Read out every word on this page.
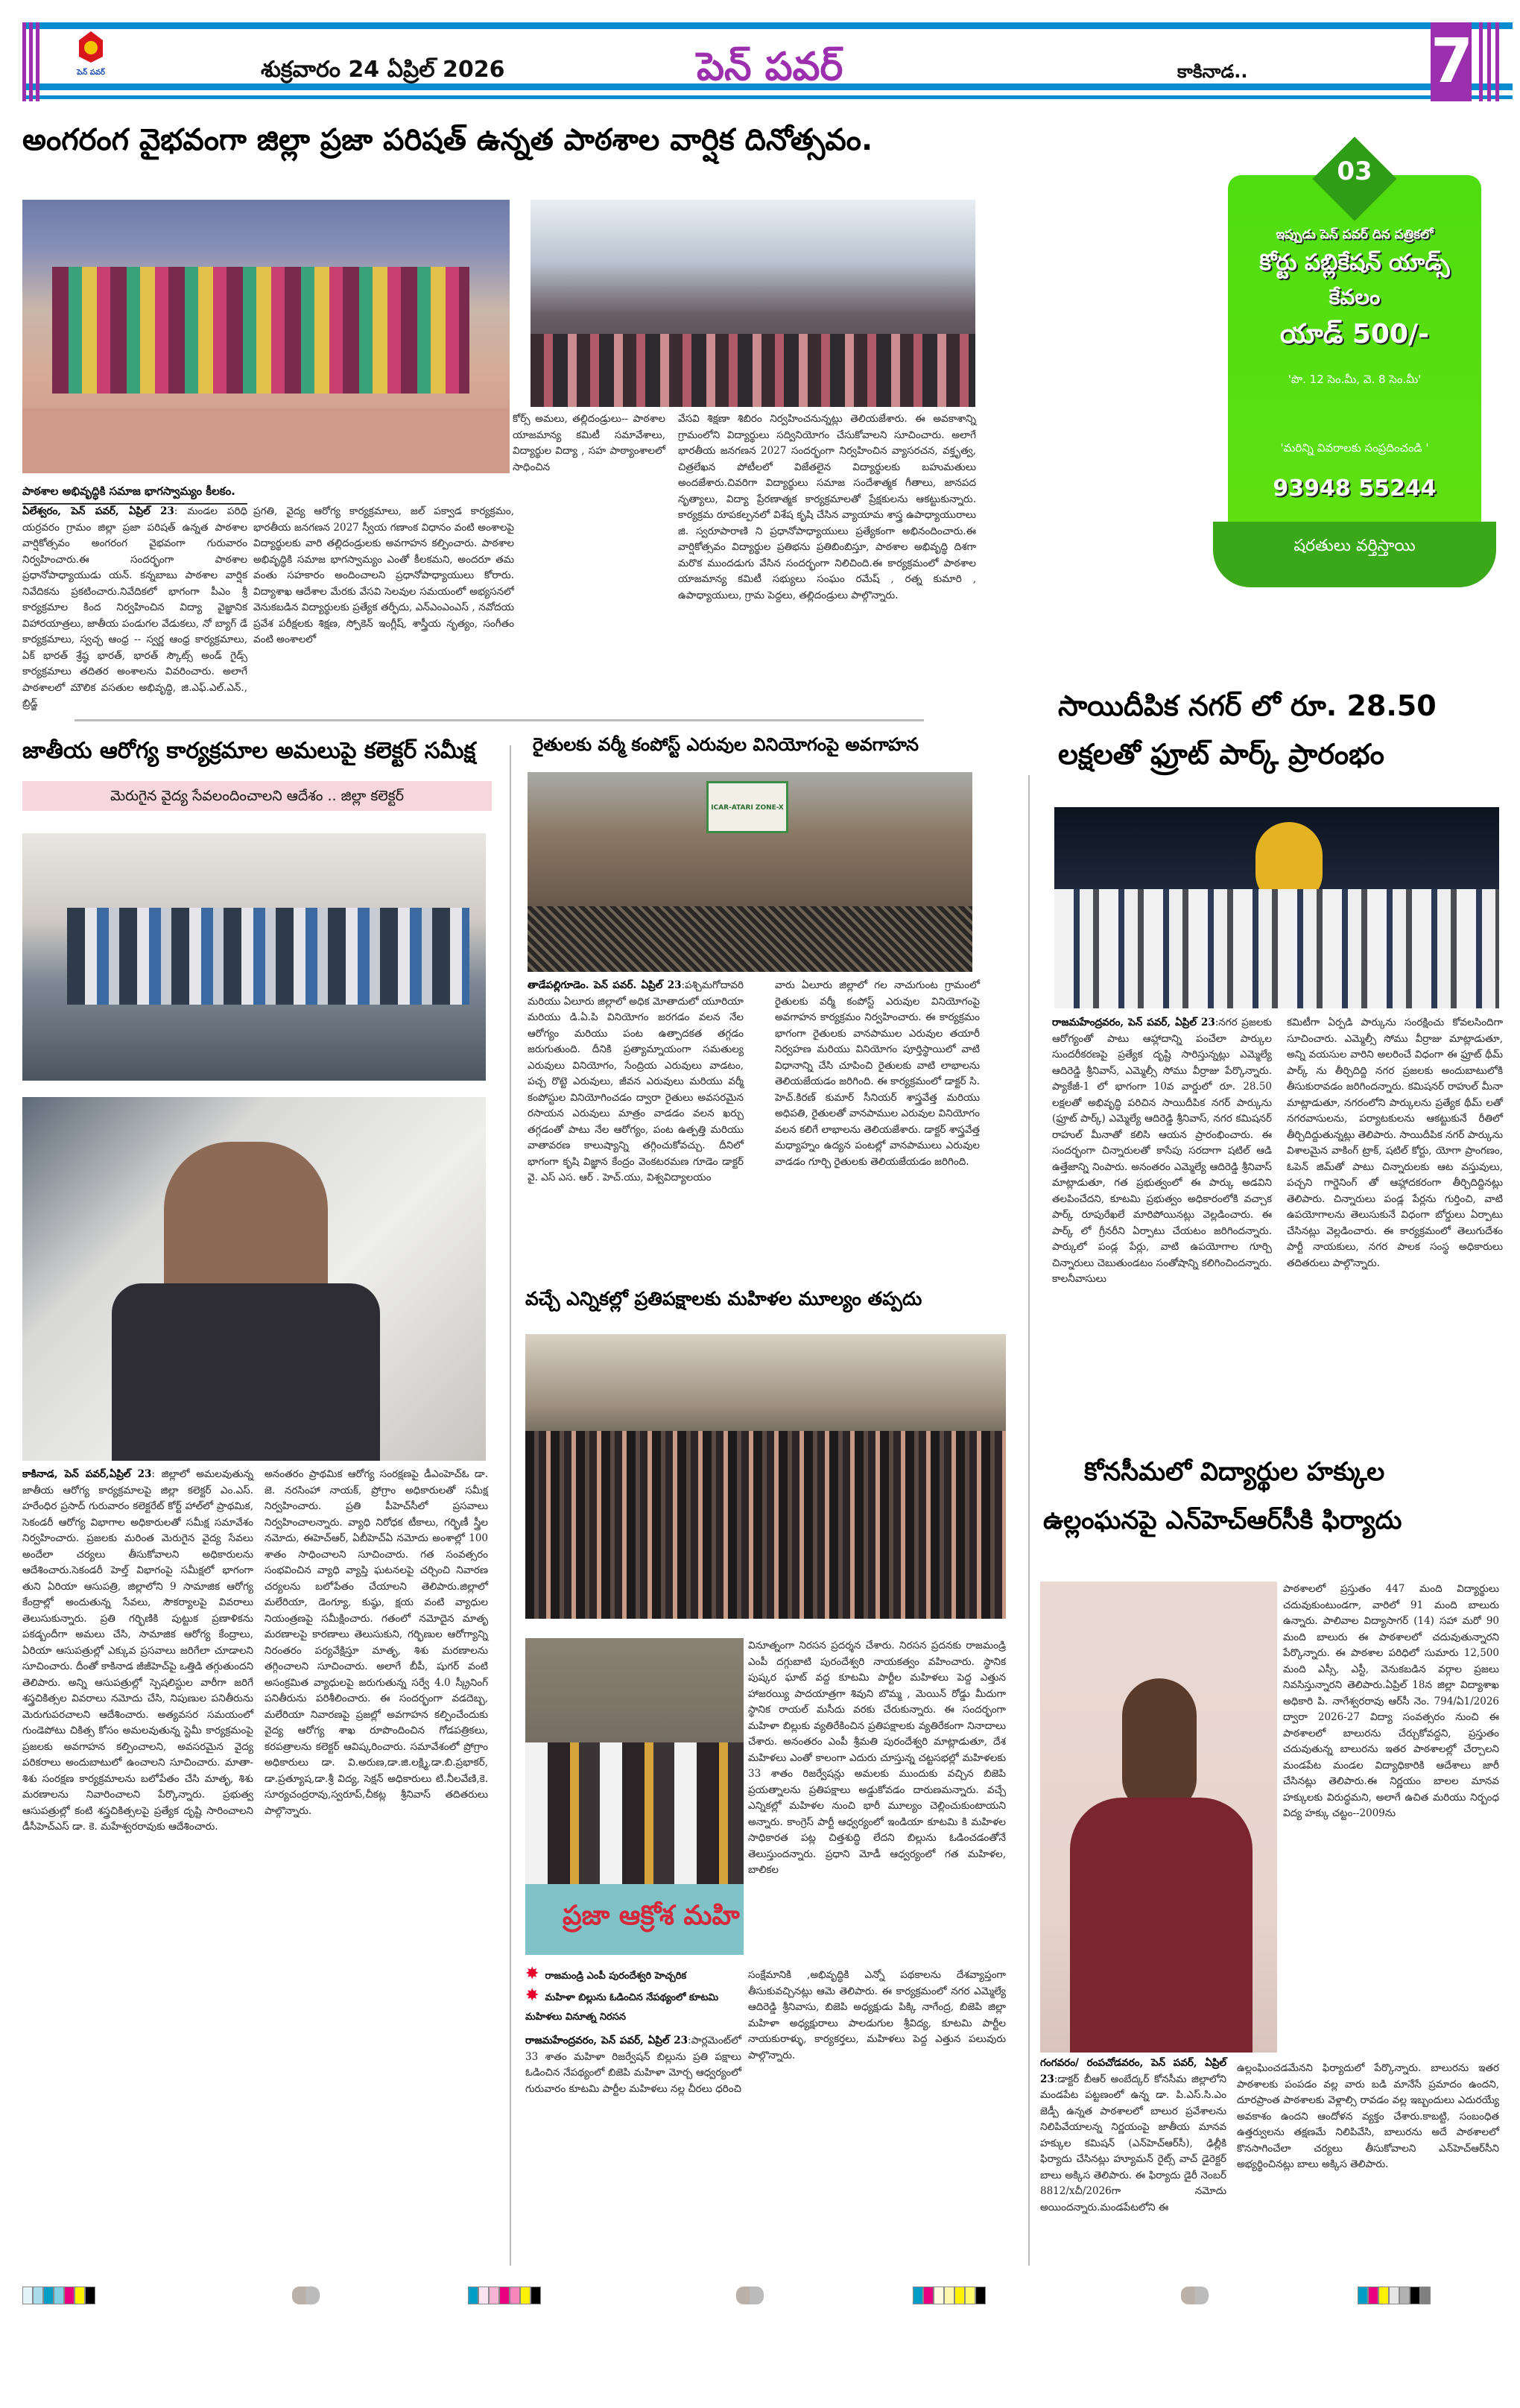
పెన్ పవర్	శుక్రవారం 24 ఏప్రిల్ 2026	పెన్ పవర్	కాకినాడ..	7
అంగరంగ వైభవంగా జిల్లా ప్రజా పరిషత్ ఉన్నత పాఠశాల వార్షిక దినోత్సవం.
పాఠశాల అభివృద్ధికి సమాజ భాగస్వామ్యం కీలకం.
ఏలేశ్వరం, పెన్ పవర్, ఏప్రిల్ 23: మండల పరిధి యర్రవరం గ్రామం జిల్లా ప్రజా పరిషత్ ఉన్నత పాఠశాల వార్షికోత్సవం అంగరంగ వైభవంగా గురువారం నిర్వహించారు.ఈ సందర్భంగా పాఠశాల ప్రధానోపాధ్యాయుడు యన్. కన్నబాబు పాఠశాల వార్షిక నివేదికను ప్రకటించారు.నివేదికలో భాగంగా పీఎం శ్రీ కార్యక్రమాల కింద నిర్వహించిన విద్యా వైజ్ఞానిక విహారయాత్రలు, జాతీయ పండుగల వేడుకలు, నో బ్యాగ్ డే కార్యక్రమాలు, స్వచ్ఛ ఆంధ్ర -- స్వర్ణ ఆంధ్ర కార్యక్రమాలు, ఏక్ భారత్ శ్రేష్ఠ భారత్, భారత్ స్కౌట్స్ అండ్ గైడ్స్ కార్యక్రమాలు తదితర అంశాలను వివరించారు. అలాగే పాఠశాలలో మౌలిక వసతుల అభివృద్ధి, జి.ఎఫ్.ఎల్.ఎన్., బ్రిడ్జ్
కోర్స్ అమలు, తల్లిదండ్రులు-- పాఠశాల యాజమాన్య కమిటీ సమావేశాలు, విద్యార్థుల విద్యా , సహ పాఠ్యాంశాలలో సాధించిన
ప్రగతి, వైద్య ఆరోగ్య కార్యక్రమాలు, జల్ పక్వాడ కార్యక్రమం, భారతీయ జనగణన 2027 స్వీయ గణాంక విధానం వంటి అంశాలపై విద్యార్థులకు వారి తల్లిదండ్రులకు అవగాహన కల్పించారు. పాఠశాల అభివృద్ధికి సమాజ భాగస్వామ్యం ఎంతో కీలకమని, అందరూ తమ వంతు సహకారం అందించాలని ప్రధానోపాధ్యాయులు కోరారు. విద్యాశాఖ ఆదేశాల మేరకు వేసవి సెలవుల సమయంలో అభ్యసనలో వెనుకబడిన విద్యార్థులకు ప్రత్యేక తర్ఫీదు, ఎన్ఎంఎంఎస్ , నవోదయ ప్రవేశ పరీక్షలకు శిక్షణ, స్పోకెన్ ఇంగ్లీష్, శాస్త్రీయ నృత్యం, సంగీతం వంటి అంశాలలో
వేసవి శిక్షణా శిబిరం నిర్వహించనున్నట్లు తెలియజేశారు. ఈ అవకాశాన్ని గ్రామంలోని విద్యార్థులు సద్వినియోగం చేసుకోవాలని సూచించారు. అలాగే భారతీయ జనగణన 2027 సందర్భంగా నిర్వహించిన వ్యాసరచన, వక్తృత్వ, చిత్రలేఖన పోటీలలో విజేతలైన విద్యార్థులకు బహుమతులు అందజేశారు.చివరిగా విద్యార్థులు సమాజ సందేశాత్మక గీతాలు, జానపద నృత్యాలు, విద్యా ప్రేరణాత్మక కార్యక్రమాలతో ప్రేక్షకులను ఆకట్టుకున్నారు. కార్యక్రమ రూపకల్పనలో విశేష కృషి చేసిన వ్యాయామ శాస్త్ర ఉపాధ్యాయురాలు జి. స్వరూపారాణి ని ప్రధానోపాధ్యాయులు ప్రత్యేకంగా అభినందించారు.ఈ వార్షికోత్సవం విద్యార్థుల ప్రతిభను ప్రతిబింబిస్తూ, పాఠశాల అభివృద్ధి దిశగా మరొక ముందడుగు వేసిన సందర్భంగా నిలిచింది.ఈ కార్యక్రమంలో పాఠశాల యాజమాన్య కమిటీ సభ్యులు సంఘం రమేష్ , రత్న కుమారి , ఉపాధ్యాయులు, గ్రామ పెద్దలు, తల్లిదండ్రులు పాల్గొన్నారు.
03
ఇప్పుడు పెన్ పవర్ దిన పత్రికలో
కోర్టు పబ్లికేషన్ యాడ్స్
కేవలం
యాడ్ 500/-
'పొ. 12 సెం.మీ, వె. 8 సెం.మీ'
'మరిన్ని వివరాలకు సంప్రదించండి '
93948 55244
షరతులు వర్తిస్తాయి
జాతీయ ఆరోగ్య కార్యక్రమాల అమలుపై కలెక్టర్ సమీక్ష
మెరుగైన వైద్య సేవలందించాలని ఆదేశం .. జిల్లా కలెక్టర్
కాకినాడ, పెన్ పవర్,ఏప్రిల్ 23: జిల్లాలో అమలవుతున్న జాతీయ ఆరోగ్య కార్యక్రమాలపై జిల్లా కలెక్టర్ ఎం.ఎస్. హరేంధిర ప్రసాద్ గురువారం కలెక్టరేట్ కోర్ట్ హాల్‌లో ప్రాథమిక, సెకండరీ ఆరోగ్య విభాగాల అధికారులతో సమీక్ష సమావేశం నిర్వహించారు. ప్రజలకు మరింత మెరుగైన వైద్య సేవలు అందేలా చర్యలు తీసుకోవాలని అధికారులను ఆదేశించారు.సెకండరీ హెల్త్ విభాగంపై సమీక్షలో భాగంగా తుని ఏరియా ఆసుపత్రి, జిల్లాలోని 9 సామాజిక ఆరోగ్య కేంద్రాల్లో అందుతున్న సేవలు, సౌకర్యాలపై వివరాలు తెలుసుకున్నారు. ప్రతి గర్భిణికి పుట్టుక ప్రణాళికను పకడ్బందీగా అమలు చేసి, సామాజిక ఆరోగ్య కేంద్రాలు, ఏరియా ఆసుపత్రుల్లో ఎక్కువ ప్రసవాలు జరిగేలా చూడాలని సూచించారు. దీంతో కాకినాడ జీజీహెచ్‌పై ఒత్తిడి తగ్గుతుందని తెలిపారు. అన్ని ఆసుపత్రుల్లో స్పెషలిస్టుల వారీగా జరిగే శస్త్రచికిత్సల వివరాలు నమోదు చేసి, నిపుణుల పనితీరును మెరుగుపరచాలని ఆదేశించారు. అత్యవసర సమయంలో గుండెపోటు చికిత్స కోసం అమలవుతున్న స్టెమీ కార్యక్రమంపై ప్రజలకు అవగాహన కల్పించాలని, అవసరమైన వైద్య పరికరాలు అందుబాటులో ఉంచాలని సూచించారు. మాతా-శిశు సంరక్షణ కార్యక్రమాలను బలోపేతం చేసి మాతృ, శిశు మరణాలను నివారించాలని పేర్కొన్నారు. ప్రభుత్వ ఆసుపత్రుల్లో కంటి శస్త్రచికిత్సలపై ప్రత్యేక దృష్టి సారించాలని డీసీహెచ్ఎస్ డా. కె. మహేశ్వరరావుకు ఆదేశించారు.
అనంతరం ప్రాథమిక ఆరోగ్య సంరక్షణపై డీఎంహెచ్ఓ డా. జె. నరసింహా నాయక్, ప్రోగ్రాం అధికారులతో సమీక్ష నిర్వహించారు. ప్రతి పీహెచ్‌సీలో ప్రసవాలు నిర్వహించాలన్నారు. వ్యాధి నిరోధక టీకాలు, గర్భిణీ స్త్రీల నమోదు, ఈహెచ్ఆర్, ఏబీహెచ్ఏ నమోదు అంశాల్లో 100 శాతం సాధించాలని సూచించారు. గత సంవత్సరం సంభవించిన వ్యాధి వ్యాప్తి ఘటనలపై చర్చించి నివారణ చర్యలను బలోపేతం చేయాలని తెలిపారు.జిల్లాలో మలేరియా, డెంగ్యూ, కుష్ఠు, క్షయ వంటి వ్యాధుల నియంత్రణపై సమీక్షించారు. గతంలో నమోదైన మాతృ మరణాలపై కారణాలు తెలుసుకుని, గర్భిణుల ఆరోగ్యాన్ని నిరంతరం పర్యవేక్షిస్తూ మాతృ, శిశు మరణాలను తగ్గించాలని సూచించారు. అలాగే బీపీ, షుగర్ వంటి అసంక్రమిత వ్యాధులపై జరుగుతున్న సర్వే 4.0 స్క్రీనింగ్ పనితీరును పరిశీలించారు. ఈ సందర్భంగా వడదెబ్బ, మలేరియా నివారణపై ప్రజల్లో అవగాహన కల్పించేందుకు వైద్య ఆరోగ్య శాఖ రూపొందించిన గోడపత్రికలు, కరపత్రాలను కలెక్టర్ ఆవిష్కరించారు. సమావేశంలో ప్రోగ్రాం అధికారులు డా. వి.అరుణ,డా.జి.లక్ష్మి,డా.బి.ప్రభాకర్, డా.ప్రత్యూష,డా.శ్రీ విద్య, సెక్షన్ అధికారులు టి.నీలవేణి,కె. సూర్యచంద్రరావు,స్వరూప్,చీకట్ల శ్రీనివాస్ తదితరులు పాల్గొన్నారు.
రైతులకు వర్మీ కంపోస్ట్ ఎరువుల వినియోగంపై అవగాహన
ICAR-ATARI ZONE-X
తాడేపల్లిగూడెం. పెన్ పవర్. ఏప్రిల్ 23:పశ్చిమగోదావరి మరియు ఏలూరు జిల్లాలో అధిక మోతాదులో యూరియా మరియు డి.ఏ.పి వినియోగం జరగడం వలన నేల ఆరోగ్యం మరియు పంట ఉత్పాదకత తగ్గడం జరుగుతుంది. దీనికి ప్రత్యామ్నాయంగా సమతుల్య ఎరువులు వినియోగం, సేంద్రియ ఎరువులు వాడటం, పచ్చ రొట్టె ఎరువులు, జీవన ఎరువులు మరియు వర్మీ కంపోస్టుల వినియోగించడం ద్వారా రైతులు అవసరమైన రసాయన ఎరువులు మాత్రం వాడడం వలన ఖర్చు తగ్గడంతో పాటు నేల ఆరోగ్యం, పంట ఉత్పత్తి మరియు వాతావరణ కాలుష్యాన్ని తగ్గించుకోవచ్చు. దీనిలో భాగంగా కృషి విజ్ఞాన కేంద్రం వెంకటరమణ గూడెం డాక్టర్ వై. ఎస్ ఎస. ఆర్ . హెచ్.యు, విశ్వవిద్యాలయం
వారు ఏలూరు జిల్లాలో గల నాచుగుంట గ్రామంలో రైతులకు వర్మీ కంపోస్ట్ ఎరువుల వినియోగంపై అవగాహన కార్యక్రమం నిర్వహించారు. ఈ కార్యక్రమం భాగంగా రైతులకు వానపాముల ఎరువుల తయారీ నిర్వహణ మరియు వినియోగం పూర్తిస్థాయిలో వాటి విధానాన్ని చేసి చూపించి రైతులకు వాటి లాభాలను తెలియజేయడం జరిగింది. ఈ కార్యక్రమంలో డాక్టర్ సి. హెచ్.కిరణ్ కుమార్ సీనియర్ శాస్త్రవేత్త మరియు అధిపతి, రైతులతో వానపాముల ఎరువుల వినియోగం వలన కలిగే లాభాలను తెలియజేశారు. డాక్టర్ శాస్త్రవేత్త మధ్యాహ్నం ఉద్యన పంటల్లో వానపాములు ఎరువుల వాడడం గూర్చి రైతులకు తెలియజేయడం జరిగింది.
వచ్చే ఎన్నికల్లో ప్రతిపక్షాలకు మహిళల మూల్యం తప్పదు
ప్రజా ఆక్రోశ మహి
వినూత్నంగా నిరసన ప్రదర్శన చేశారు. నిరసన ప్రదనకు రాజమండ్రి ఎంపీ దగ్గుబాటి పురందేశ్వరి నాయకత్వం వహించారు. స్థానిక పుష్కర ఘాట్ వద్ద కూటమి పార్టీల మహిళలు పెద్ద ఎత్తున హాజరయ్యి పాదయాత్రగా శివుని బొమ్మ , మెయిన్ రోడ్డు మీదుగా స్థానిక రాయల్ మసీదు వరకు చేరుకున్నారు. ఈ సందర్భంగా మహిళా బిల్లుకు వ్యతిరేకించిన ప్రతిపక్షాలకు వ్యతిరేకంగా నినాదాలు చేశారు. అనంతరం ఎంపీ శ్రీమతి పురందేశ్వరి మాట్లాడుతూ, దేశ మహిళలు ఎంతో కాలంగా ఎదురు చూస్తున్న చట్టసభల్లో మహిళలకు 33 శాతం రిజర్వేషన్లు అమలకు ముందుకు వచ్చిన బిజెపి ప్రయత్నాలను ప్రతిపక్షాలు అడ్డుకోవడం దారుణమన్నారు. వచ్చే ఎన్నికల్లో మహిళల నుంచి భారీ మూల్యం చెల్లించుకుంటాయని అన్నారు. కాంగ్రెస్ పార్టీ ఆధ్వర్యంలో ఇండియా కూటమి కి మహిళల సాధికారత పట్ల చిత్తశుద్ధి లేదని బిల్లును ఓడించడంతోనే తెలుస్తుందన్నారు. ప్రధాని మోడీ ఆధ్వర్యంలో గత మహిళల, బాలికల
✸ రాజమండ్రి ఎంపీ పురందేశ్వరి హెచ్చరిక
✸ మహిళా బిల్లును ఓడించిన నేపథ్యంలో కూటమి మహిళలు వినూత్న నిరసన
రాజమహేంద్రవరం, పెన్ పవర్, ఏప్రిల్ 23:పార్లమెంట్‌లో 33 శాతం మహిళా రిజర్వేషన్ బిల్లును ప్రతి పక్షాలు ఓడించిన నేపథ్యంలో బిజెపి మహిళా మోర్చ ఆధ్వర్యంలో గురువారం కూటమి పార్టీల మహిళలు నల్ల చీరలు ధరించి
సంక్షేమానికి ,అభివృద్ధికి ఎన్నో పథకాలను దేశవ్యాప్తంగా తీసుకువచ్చినట్లు ఆమె తెలిపారు. ఈ కార్యక్రమంలో నగర ఎమ్మెల్యే ఆదిరెడ్డి శ్రీనివాసు, బిజెపి అధ్యక్షుడు పిక్కి నాగేంద్ర, బిజెపి జిల్లా మహిళా అధ్యక్షురాలు పాలడుగుల శ్రీవిద్య, కూటమి పార్టీల నాయకురాళ్ళు, కార్యకర్తలు, మహిళలు పెద్ద ఎత్తున పలువురు పాల్గొన్నారు.
సాయిదీపిక నగర్ లో రూ. 28.50
లక్షలతో ఫ్రూట్ పార్క్ ప్రారంభం
రాజమహేంద్రవరం, పెన్ పవర్, ఏప్రిల్ 23:నగర ప్రజలకు ఆరోగ్యంతో పాటు ఆహ్లాదాన్ని పంచేలా పార్కుల సుందరీకరణపై ప్రత్యేక దృష్టి సారిస్తున్నట్లు ఎమ్మెల్యే ఆదిరెడ్డి శ్రీనివాస్, ఎమ్మెల్సీ సోము వీర్రాజు పేర్కొన్నారు. ప్యాకేజీ-1 లో భాగంగా 10వ వార్డులో రూ. 28.50 లక్షలతో అభివృద్ధి పరిచిన సాయిదీపిక నగర్ పార్కును (ఫ్రూట్ పార్క్) ఎమ్మెల్యే ఆదిరెడ్డి శ్రీనివాస్, నగర కమిషనర్ రాహుల్ మీనాతో కలిసి ఆయన ప్రారంభించారు. ఈ సందర్భంగా చిన్నారులతో కాసేపు సరదాగా షటిల్ ఆడి ఉత్తేజాన్ని నింపారు. అనంతరం ఎమ్మెల్యే ఆదిరెడ్డి శ్రీనివాస్ మాట్లాడుతూ, గత ప్రభుత్వంలో ఈ పార్కు అడవిని తలపించేదని, కూటమి ప్రభుత్వం అధికారంలోకి వచ్చాక పార్క్ రూపురేఖలే మారిపోయినట్లు వెల్లడించారు. ఈ పార్క్ లో గ్రీనరీని ఏర్పాటు చేయటం జరిగిందన్నారు. పార్కులో పండ్ల పేర్లు, వాటి ఉపయోగాల గూర్చి చిన్నారులు చెబుతుండటం సంతోషాన్ని కలిగించిందన్నారు. కాలనీవాసులు
కమిటీగా ఏర్పడి పార్కును సంరక్షించు కోవలసిందిగా సూచించారు. ఎమ్మెల్సీ సోము వీర్రాజు మాట్లాడుతూ, అన్ని వయసుల వారిని అలరించే విధంగా ఈ ఫ్రూట్ థీమ్ పార్క్ ను తీర్చిదిద్ది నగర ప్రజలకు అందుబాటులోకి తీసుకురావడం జరిగిందన్నారు. కమిషనర్ రాహుల్ మీనా మాట్లాడుతూ, నగరంలోని పార్కులను ప్రత్యేక థీమ్ లతో నగరవాసులను, పర్యాటకులను ఆకట్టుకునే రీతిలో తీర్చిదిద్దుతున్నట్లు తెలిపారు. సాయిదీపిక నగర్ పార్కును విశాలమైన వాకింగ్ ట్రాక్, షటిల్ కోర్టు, యోగా ప్రాంగణం, ఓపెన్ జిమ్‌తో పాటు చిన్నారులకు ఆట వస్తువులు, పచ్చని గార్డెనింగ్ తో ఆహ్లాదకరంగా తీర్చిదిద్దినట్లు తెలిపారు. చిన్నారులు పండ్ల పేర్లను గుర్తించి, వాటి ఉపయోగాలను తెలుసుకునే విధంగా బోర్డులు ఏర్పాటు చేసినట్లు వెల్లడించారు. ఈ కార్యక్రమంలో తెలుగుదేశం పార్టీ నాయకులు, నగర పాలక సంస్థ అధికారులు తదితరులు పాల్గొన్నారు.
కోనసీమలో విద్యార్థుల హక్కుల
ఉల్లంఘనపై ఎన్‌హెచ్ఆర్‌సీకి ఫిర్యాదు
పాఠశాలలో ప్రస్తుతం 447 మంది విద్యార్థులు చదువుకుంటుండగా, వారిలో 91 మంది బాలురు ఉన్నారు. పాలివాల విద్యాసాగర్ (14) సహా మరో 90 మంది బాలురు ఈ పాఠశాలలో చదువుతున్నారని పేర్కొన్నారు. ఈ పాఠశాల పరిధిలో సుమారు 12,500 మంది ఎస్సీ, ఎస్టీ, వెనుకబడిన వర్గాల ప్రజలు నివసిస్తున్నారని తెలిపారు.ఏప్రిల్ 18న జిల్లా విద్యాశాఖ అధికారి పి. నాగేశ్వరరావు ఆర్‌సీ నెం. 794/ఏ1/2026 ద్వారా 2026-27 విద్యా సంవత్సరం నుంచి ఈ పాఠశాలలో బాలురను చేర్చుకోవద్దని, ప్రస్తుతం చదువుతున్న బాలురను ఇతర పాఠశాలల్లో చేర్చాలని మండపేట మండల విద్యాధికారికి ఆదేశాలు జారీ చేసినట్లు తెలిపారు.ఈ నిర్ణయం బాలల మానవ హక్కులకు విరుద్ధమని, అలాగే ఉచిత మరియు నిర్బంధ విద్య హక్కు చట్టం--2009ను
గంగవరం/ రంపచోడవరం, పెన్ పవర్, ఏప్రిల్ 23:డాక్టర్ బీఆర్ అంబేద్కర్ కోనసీమ జిల్లాలోని మండపేట పట్టణంలో ఉన్న డా. పి.ఎస్.సి.ఎం జెడ్పీ ఉన్నత పాఠశాలలో బాలుర ప్రవేశాలను నిలిపివేయాలన్న నిర్ణయంపై జాతీయ మానవ హక్కుల కమిషన్ (ఎన్‌హెచ్ఆర్‌సీ), ఢిల్లీకి ఫిర్యాదు చేసినట్లు హ్యూమన్ రైట్స్ వాచ్ డైరెక్టర్ బాలు అక్కిస తెలిపారు. ఈ ఫిర్యాదు డైరీ నెంబర్ 8812/xచీ/2026గా నమోదు అయిందన్నారు.మండపేటలోని ఈ
ఉల్లంఘించడమేనని ఫిర్యాదులో పేర్కొన్నారు. బాలురను ఇతర పాఠశాలకు పంపడం వల్ల వారు బడి మానేసే ప్రమాదం ఉందని, దూరప్రాంత పాఠశాలకు వెళ్లాల్సి రావడం వల్ల ఇబ్బందులు ఎదురయ్యే అవకాశం ఉందని ఆందోళన వ్యక్తం చేశారు.కాబట్టి, సంబంధిత ఉత్తర్వులను తక్షణమే నిలిపివేసి, బాలురను అదే పాఠశాలలో కొనసాగించేలా చర్యలు తీసుకోవాలని ఎన్‌హెచ్ఆర్‌సీని అభ్యర్థించినట్లు బాలు అక్కిస తెలిపారు.
